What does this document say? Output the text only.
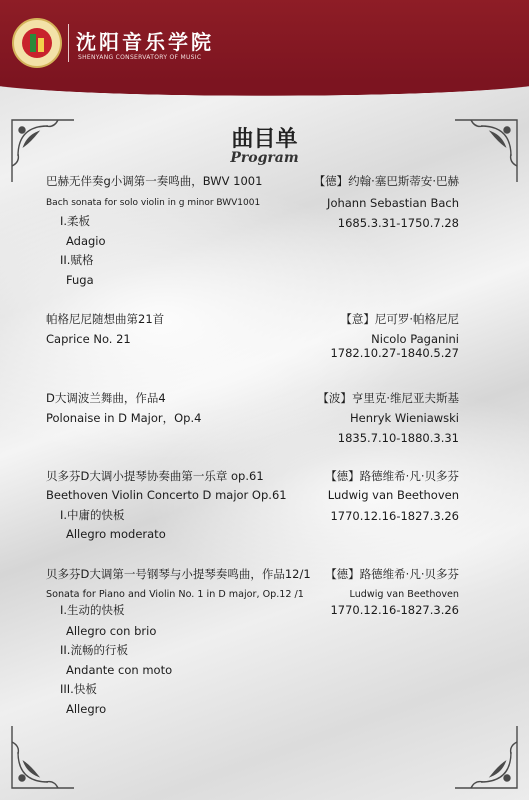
沈阳音乐学院
SHENYANG CONSERVATORY OF MUSIC
曲目单
Program
巴赫无伴奏g小调第一奏鸣曲，BWV 1001
Bach sonata for solo violin in g minor BWV1001
【德】约翰·塞巴斯蒂安·巴赫
Johann Sebastian Bach
1685.3.31-1750.7.28
I.柔板
Adagio
II.赋格
Fuga
帕格尼尼随想曲第21首
Caprice No. 21
【意】尼可罗·帕格尼尼
Nicolo Paganini
1782.10.27-1840.5.27
D大调波兰舞曲，作品4
Polonaise in D Major，Op.4
【波】亨里克·维尼亚夫斯基
Henryk Wieniawski
1835.7.10-1880.3.31
贝多芬D大调小提琴协奏曲第一乐章 op.61
Beethoven Violin Concerto D major Op.61
【德】路德维希·凡·贝多芬
Ludwig van Beethoven
1770.12.16-1827.3.26
I.中庸的快板
Allegro moderato
贝多芬D大调第一号钢琴与小提琴奏鸣曲，作品12/1
Sonata for Piano and Violin No. 1 in D major, Op.12 /1
【德】路德维希·凡·贝多芬
Ludwig van Beethoven
1770.12.16-1827.3.26
I.生动的快板
Allegro con brio
II.流畅的行板
Andante con moto
III.快板
Allegro
